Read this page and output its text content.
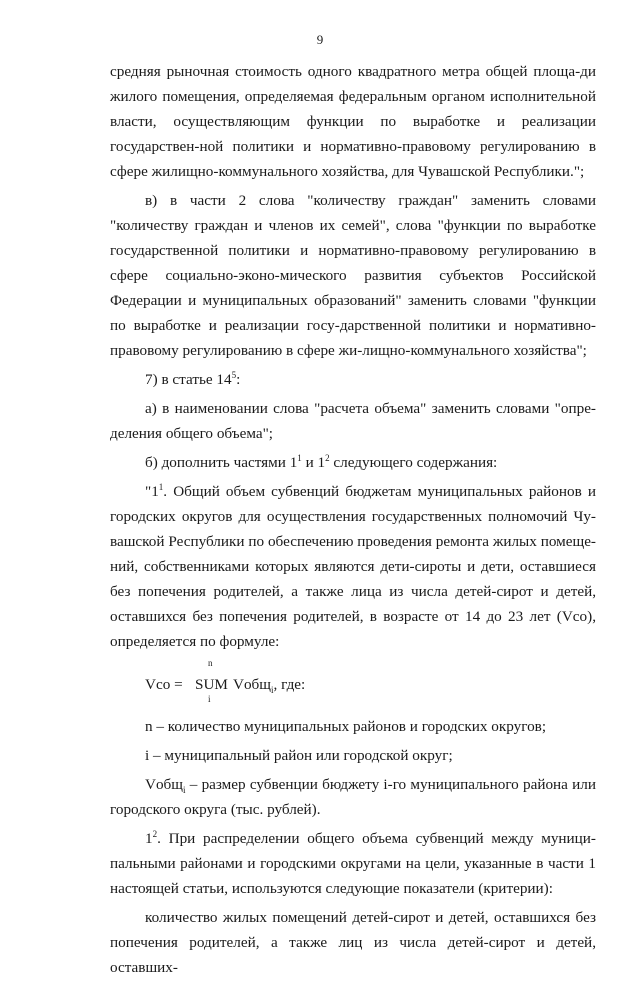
9

средняя рыночная стоимость одного квадратного метра общей площа-ди жилого помещения, определяемая федеральным органом исполнительной власти, осуществляющим функции по выработке и реализации государствен-ной политики и нормативно-правовому регулированию в сфере жилищно-коммунального хозяйства, для Чувашской Республики.";

в) в части 2 слова "количеству граждан" заменить словами "количеству граждан и членов их семей", слова "функции по выработке государственной политики и нормативно-правовому регулированию в сфере социально-эконо-мического развития субъектов Российской Федерации и муниципальных образований" заменить словами "функции по выработке и реализации госу-дарственной политики и нормативно-правовому регулированию в сфере жи-лищно-коммунального хозяйства";

7) в статье $14^5$:

а) в наименовании слова "расчета объема" заменить словами "опре-деления общего объема";

б) дополнить частями $1^1$ и $1^2$ следующего содержания:

"$1^1$. Общий объем субвенций бюджетам муниципальных районов и городских округов для осуществления государственных полномочий Чу-вашской Республики по обеспечению проведения ремонта жилых помеще-ний, собственниками которых являются дети-сироты и дети, оставшиеся без попечения родителей, а также лица из числа детей-сирот и детей, оставшихся без попечения родителей, в возрасте от 14 до 23 лет (Vco), определяется по формуле:

Vco =
n
SUM
i
Vобщ$_i$, где:

n – количество муниципальных районов и городских округов;

i – муниципальный район или городской округ;

Vобщ$_i$ – размер субвенции бюджету i-го муниципального района или городского округа (тыс. рублей).

$1^2$. При распределении общего объема субвенций между муници-пальными районами и городскими округами на цели, указанные в части 1 настоящей статьи, используются следующие показатели (критерии):

количество жилых помещений детей-сирот и детей, оставшихся без попечения родителей, а также лиц из числа детей-сирот и детей, оставших-
